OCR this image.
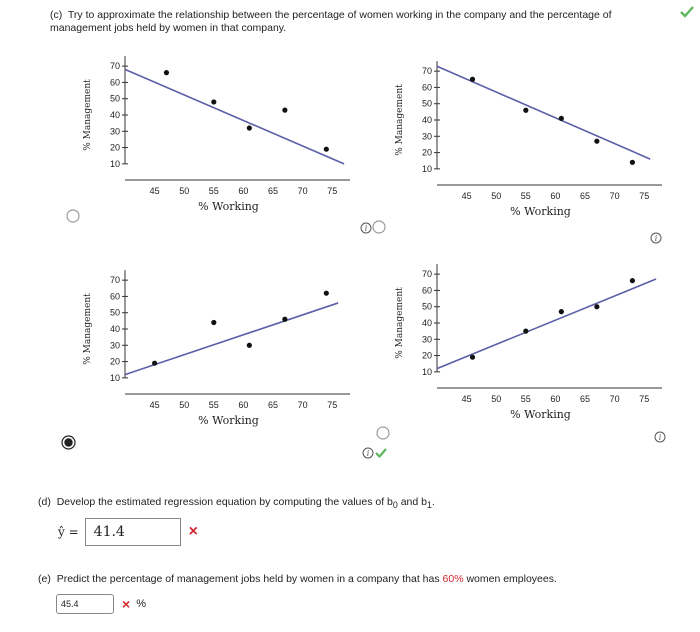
(c) Try to approximate the relationship between the percentage of women working in the company and the percentage of management jobs held by women in that company.
10
20
30
40
50
60
70
45 50 55 60 65 70 75
% Working
% Management
10
20
30
40
50
60
70
45 50 55 60 65 70 75
% Working
% Management
10
20
30
40
50
60
70
45 50 55 60 65 70 75
% Working
% Management
10
20
30
40
50
60
70
45 50 55 60 65 70 75
% Working
% Management
i
i
i
i
(d) Develop the estimated regression equation by computing the values of $b_0$ and $b_1$.
ŷ = 41.4	×
(e) Predict the percentage of management jobs held by women in a company that has 60% women employees.
45.4	× %
